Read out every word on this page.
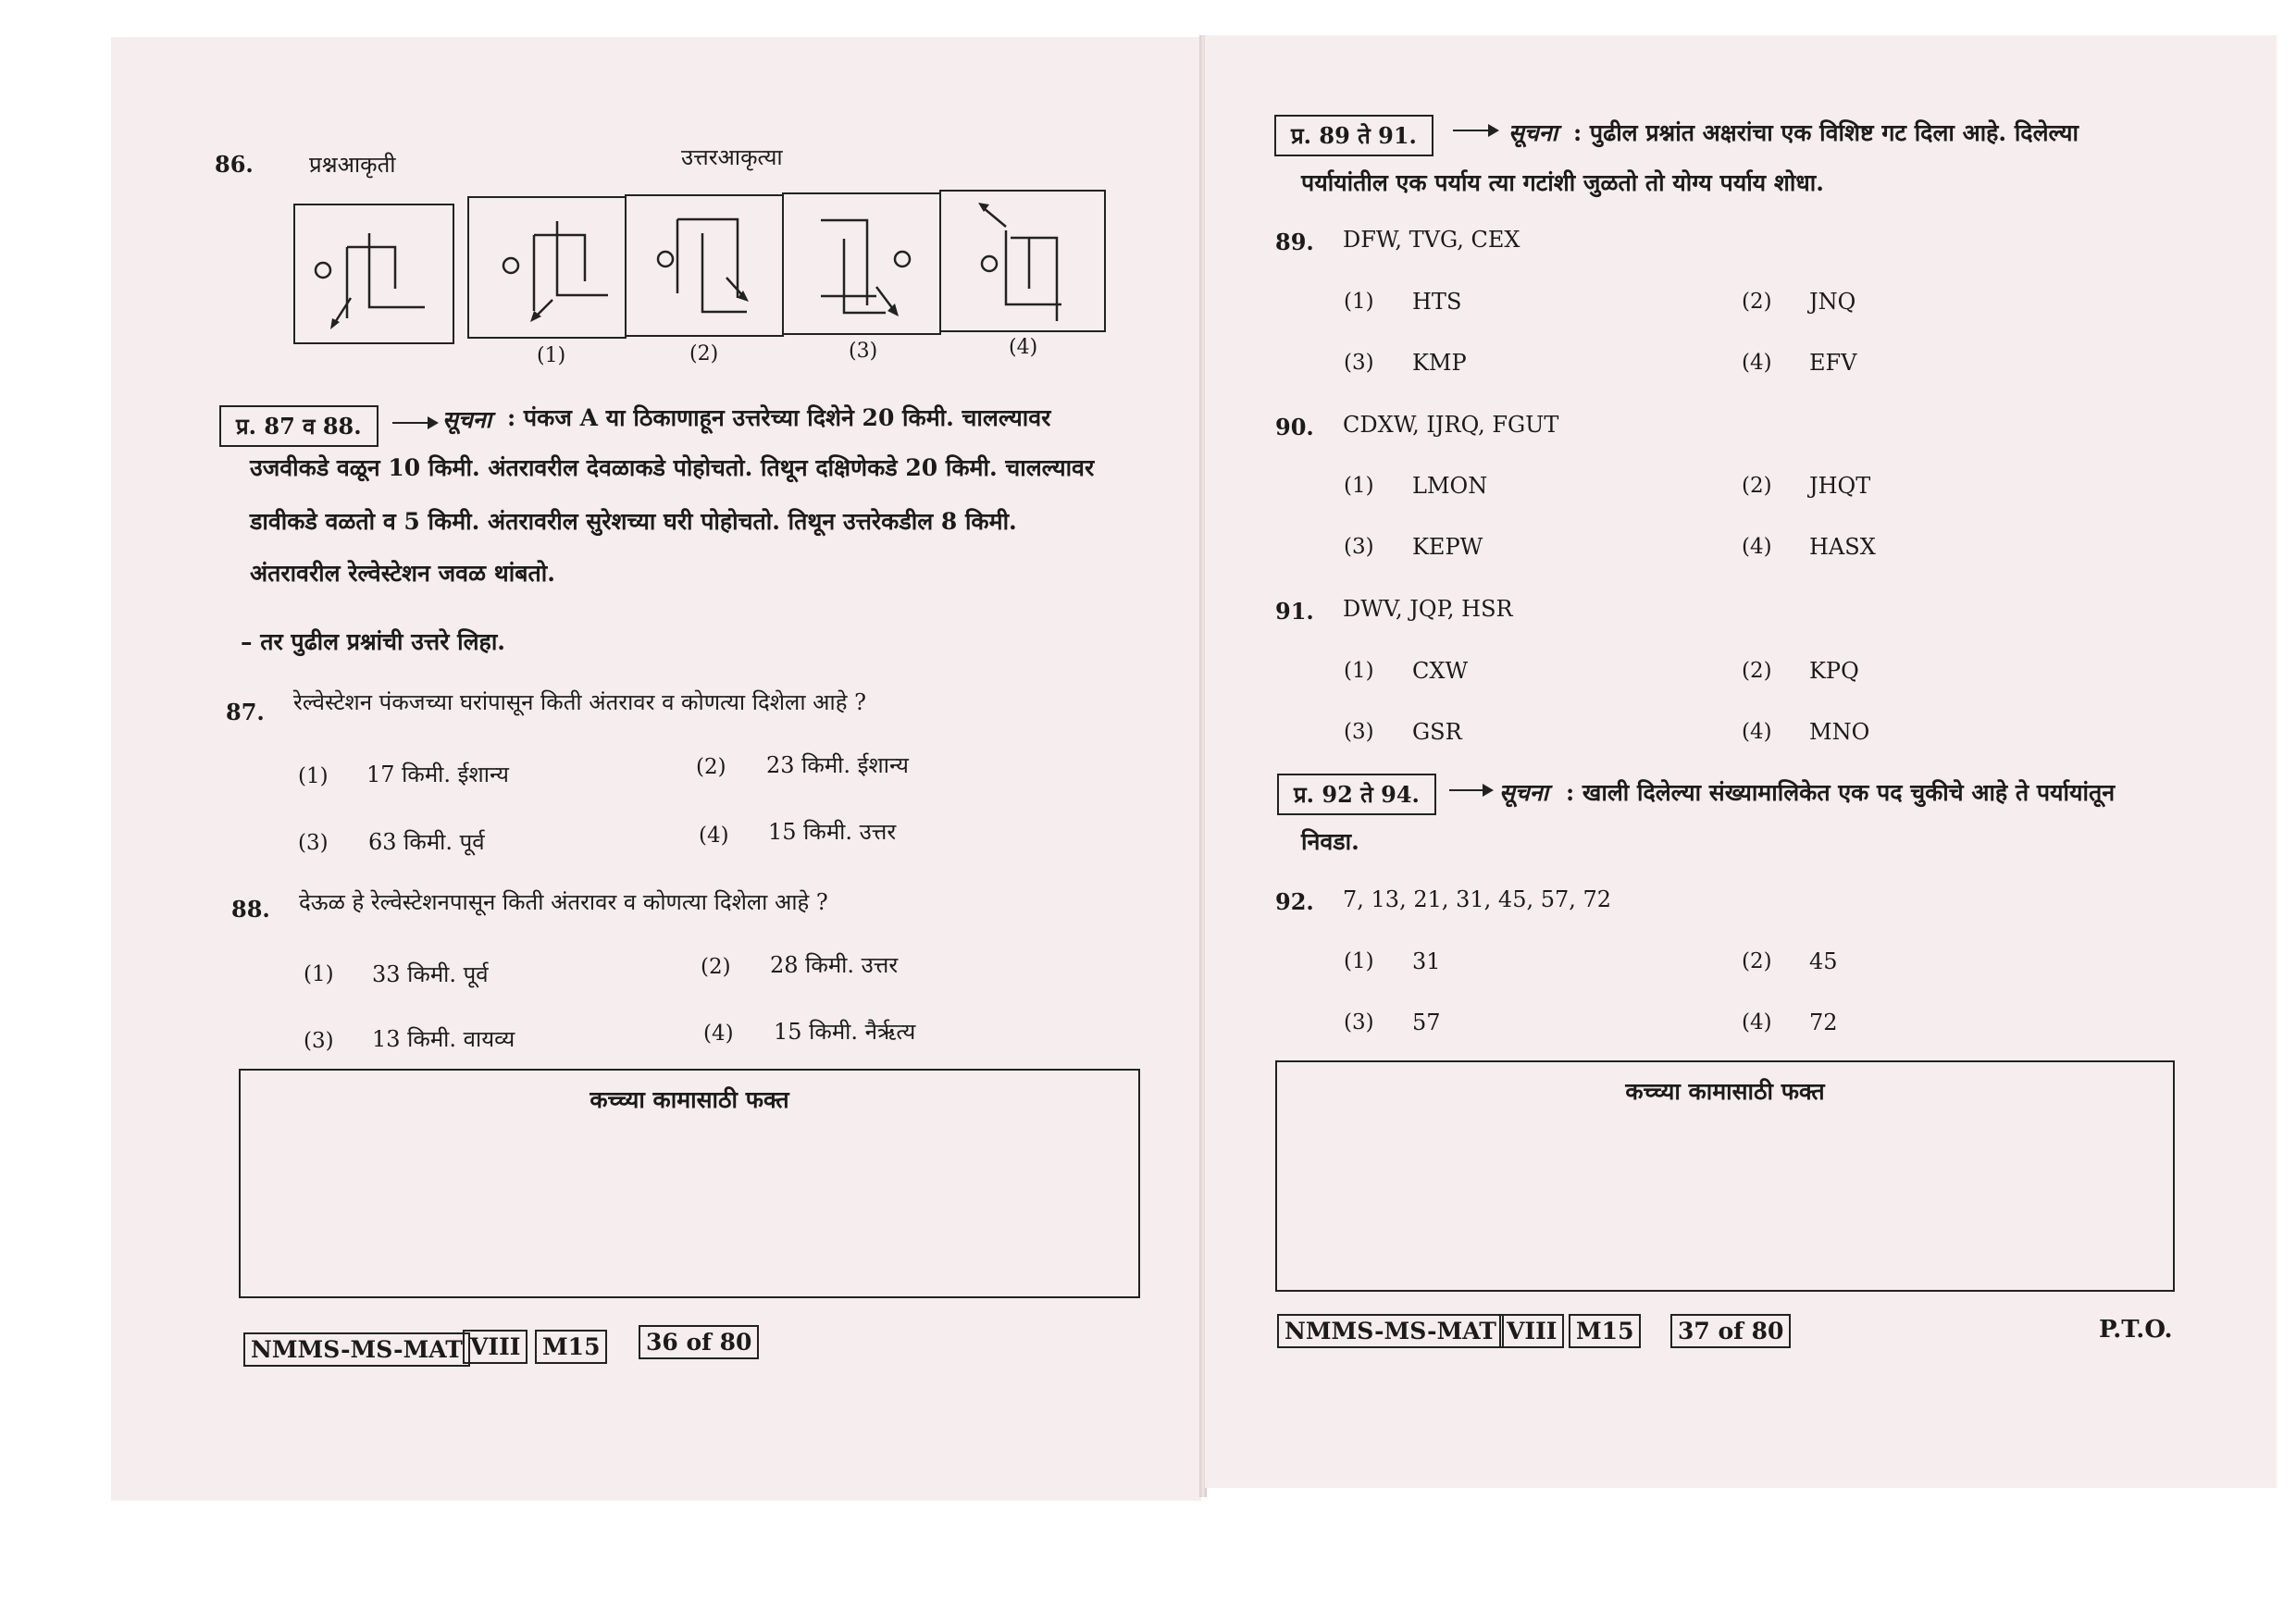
86.	प्रश्नआकृती	उत्तरआकृत्या
(1)	(2)	(3)	(4)
प्र. 87 व 88.	सूचना : पंकज A या ठिकाणाहून उत्तरेच्या दिशेने 20 किमी. चालल्यावर
उजवीकडे वळून 10 किमी. अंतरावरील देवळाकडे पोहोचतो. तिथून दक्षिणेकडे 20 किमी. चालल्यावर
डावीकडे वळतो व 5 किमी. अंतरावरील सुरेशच्या घरी पोहोचतो. तिथून उत्तरेकडील 8 किमी.
अंतरावरील रेल्वेस्टेशन जवळ थांबतो.
– तर पुढील प्रश्नांची उत्तरे लिहा.
87. रेल्वेस्टेशन पंकजच्या घरांपासून किती अंतरावर व कोणत्या दिशेला आहे ?
(1) 17 किमी. ईशान्य	(2) 23 किमी. ईशान्य
(3) 63 किमी. पूर्व	(4) 15 किमी. उत्तर
88. देऊळ हे रेल्वेस्टेशनपासून किती अंतरावर व कोणत्या दिशेला आहे ?
(1) 33 किमी. पूर्व	(2) 28 किमी. उत्तर
(3) 13 किमी. वायव्य	(4) 15 किमी. नैर्ऋत्य
कच्च्या कामासाठी फक्त
NMMS-MS-MAT VIII M15	36 of 80
प्र. 89 ते 91.	सूचना : पुढील प्रश्नांत अक्षरांचा एक विशिष्ट गट दिला आहे. दिलेल्या
पर्यायांतील एक पर्याय त्या गटांशी जुळतो तो योग्य पर्याय शोधा.
89. DFW, TVG, CEX
(1) HTS	(2) JNQ
(3) KMP	(4) EFV
90. CDXW, IJRQ, FGUT
(1) LMON	(2) JHQT
(3) KEPW	(4) HASX
91. DWV, JQP, HSR
(1) CXW	(2) KPQ
(3) GSR	(4) MNO
प्र. 92 ते 94.	सूचना : खाली दिलेल्या संख्यामालिकेत एक पद चुकीचे आहे ते पर्यायांतून
निवडा.
92. 7, 13, 21, 31, 45, 57, 72
(1) 31	(2) 45
(3) 57	(4) 72
कच्च्या कामासाठी फक्त
NMMS-MS-MAT VIII M15	37 of 80	P.T.O.
